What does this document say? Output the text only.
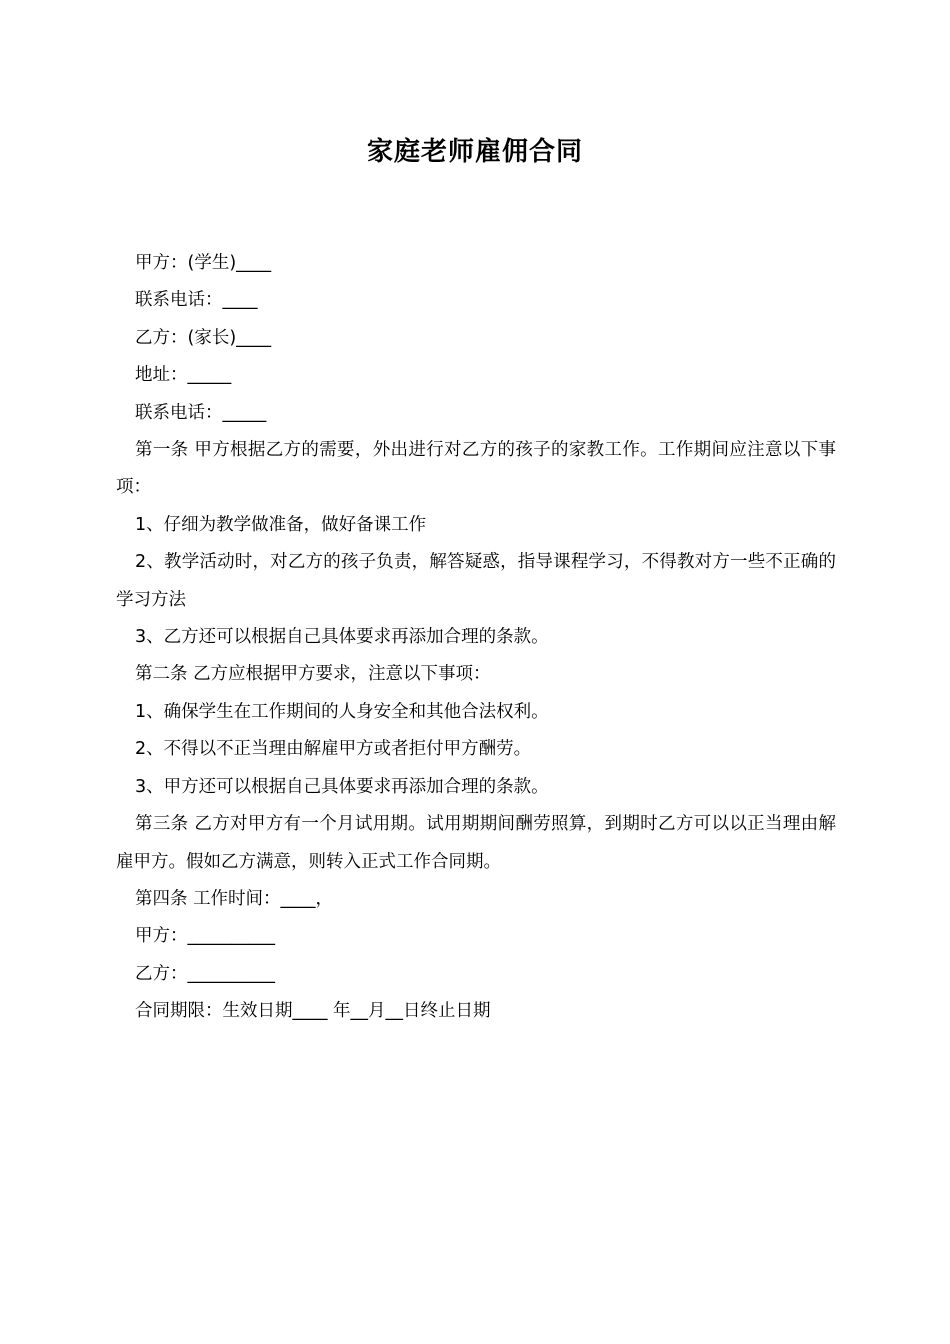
家庭老师雇佣合同

甲方：(学生)____

联系电话：____

乙方：(家长)____

地址：_____

联系电话：_____

第一条 甲方根据乙方的需要，外出进行对乙方的孩子的家教工作。工作期间应注意以下事项：

1、仔细为教学做准备，做好备课工作

2、教学活动时，对乙方的孩子负责，解答疑惑，指导课程学习，不得教对方一些不正确的学习方法

3、乙方还可以根据自己具体要求再添加合理的条款。

第二条 乙方应根据甲方要求，注意以下事项：

1、确保学生在工作期间的人身安全和其他合法权利。

2、不得以不正当理由解雇甲方或者拒付甲方酬劳。

3、甲方还可以根据自己具体要求再添加合理的条款。

第三条 乙方对甲方有一个月试用期。试用期期间酬劳照算，到期时乙方可以以正当理由解雇甲方。假如乙方满意，则转入正式工作合同期。

第四条 工作时间：____，

甲方：__________

乙方：__________

合同期限：生效日期____ 年__月__日终止日期
